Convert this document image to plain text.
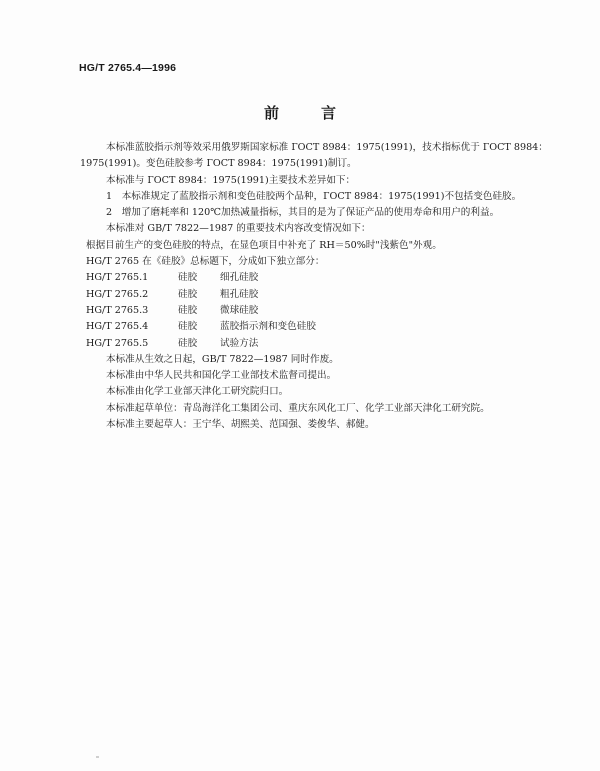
HG/T 2765.4—1996
前言
本标准蓝胶指示剂等效采用俄罗斯国家标准 ГОСТ 8984：1975(1991)，技术指标优于 ГОСТ 8984：
1975(1991)。变色硅胶参考 ГОСТ 8984：1975(1991)制订。
本标准与 ГОСТ 8984：1975(1991)主要技术差异如下：
1　本标准规定了蓝胶指示剂和变色硅胶两个品种，ГОСТ 8984：1975(1991)不包括变色硅胶。
2　增加了磨耗率和 120℃加热减量指标，其目的是为了保证产品的使用寿命和用户的利益。
本标准对 GB/T 7822—1987 的重要技术内容改变情况如下：
根据目前生产的变色硅胶的特点，在显色项目中补充了 RH＝50%时"浅紫色"外观。
HG/T 2765 在《硅胶》总标题下，分成如下独立部分：
HG/T 2765.1	硅胶 细孔硅胶
HG/T 2765.2	硅胶 粗孔硅胶
HG/T 2765.3	硅胶 微球硅胶
HG/T 2765.4	硅胶 蓝胶指示剂和变色硅胶
HG/T 2765.5	硅胶 试验方法
本标准从生效之日起，GB/T 7822—1987 同时作废。
本标准由中华人民共和国化学工业部技术监督司提出。
本标准由化学工业部天津化工研究院归口。
本标准起草单位：青岛海洋化工集团公司、重庆东风化工厂、化学工业部天津化工研究院。
本标准主要起草人：王宁华、胡熙美、范国强、娄俊华、郝健。
